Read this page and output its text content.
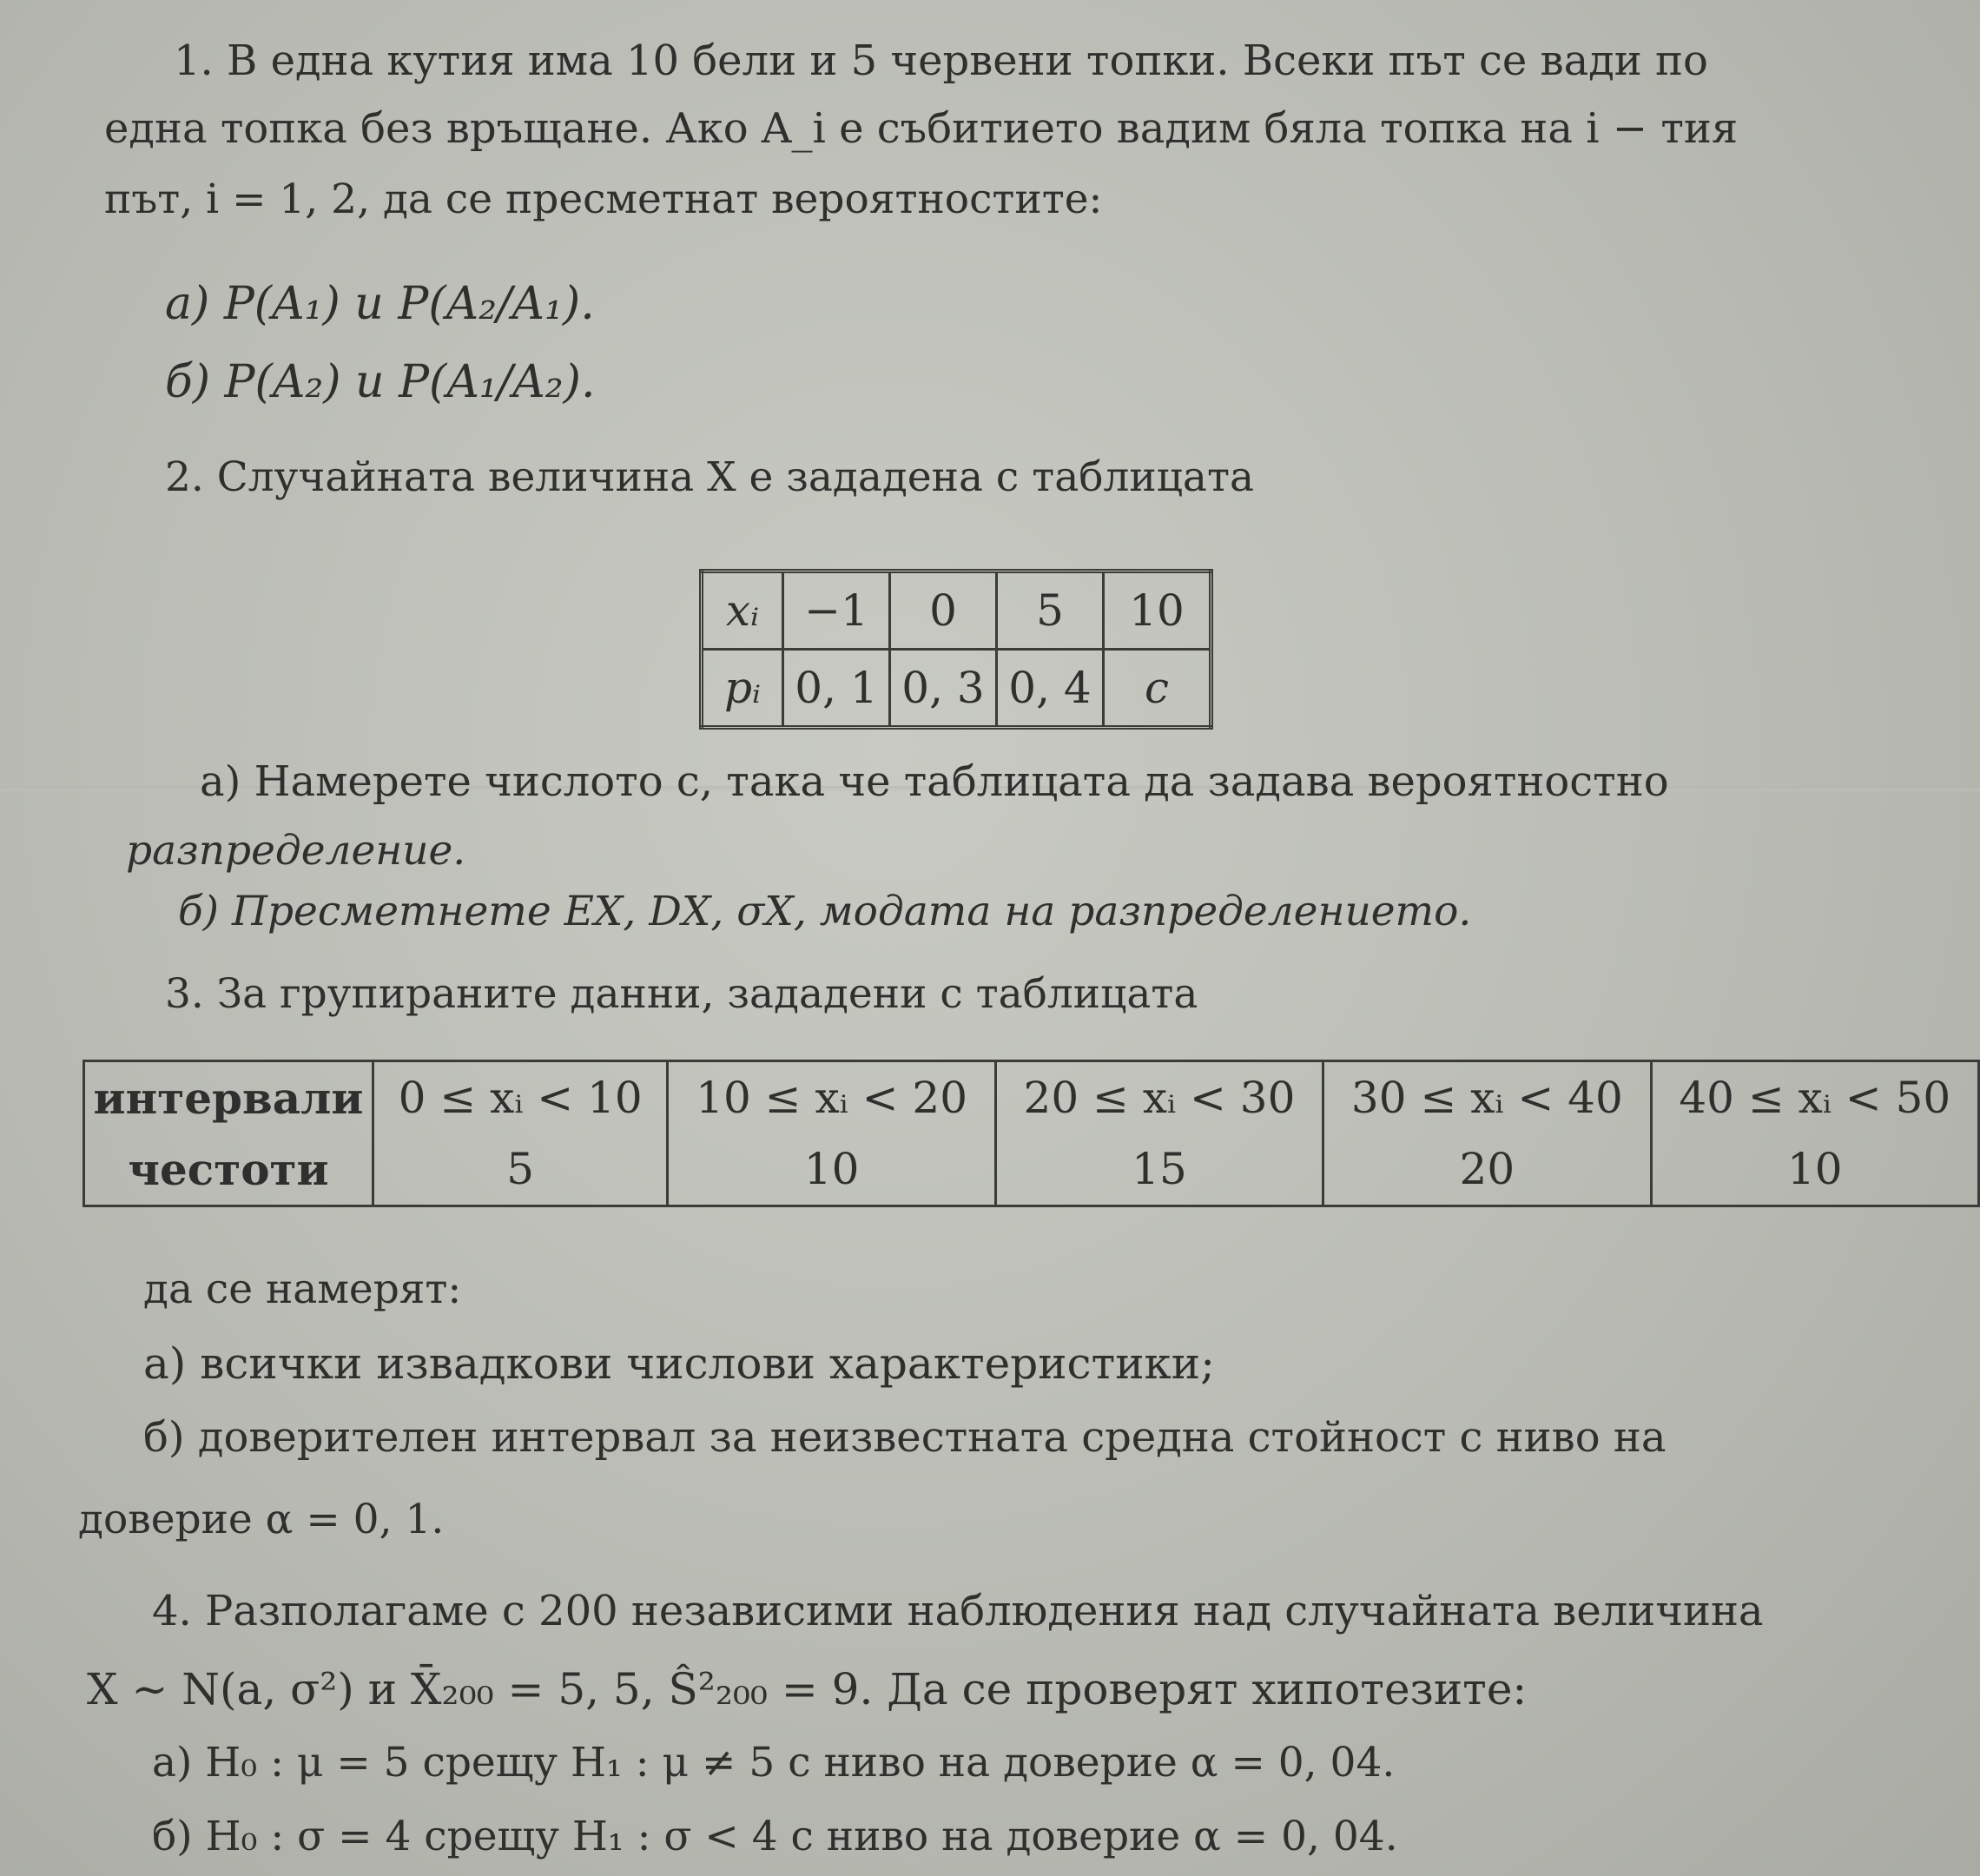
1. В една кутия има 10 бели и 5 червени топки. Всеки път се вади по
една топка без връщане. Ако A_i е събитието вадим бяла топка на i − тия
път, i = 1, 2, да се пресметнат вероятностите:
а) P(A₁) и P(A₂/A₁).
б) P(A₂) и P(A₁/A₂).
2. Случайната величина X е зададена с таблицата
xᵢ	−1	0	5	10
pᵢ	0, 1	0, 3	0, 4	c
а) Намерете числото c, така че таблицата да задава вероятностно
разпределение.
б) Пресметнете EX, DX, σX, модата на разпределението.
3. За групираните данни, зададени с таблицата
интервали	0 ≤ xᵢ < 10	10 ≤ xᵢ < 20	20 ≤ xᵢ < 30	30 ≤ xᵢ < 40	40 ≤ xᵢ < 50
честоти	5	10	15	20	10
да се намерят:
а) всички извадкови числови характеристики;
б) доверителен интервал за неизвестната средна стойност с ниво на
доверие α = 0, 1.
4. Разполагаме с 200 независими наблюдения над случайната величина
X ∼ N(a, σ²) и X̄₂₀₀ = 5, 5, Ŝ²₂₀₀ = 9. Да се проверят хипотезите:
а) H₀ : μ = 5 срещу H₁ : μ ≠ 5 с ниво на доверие α = 0, 04.
б) H₀ : σ = 4 срещу H₁ : σ < 4 с ниво на доверие α = 0, 04.
